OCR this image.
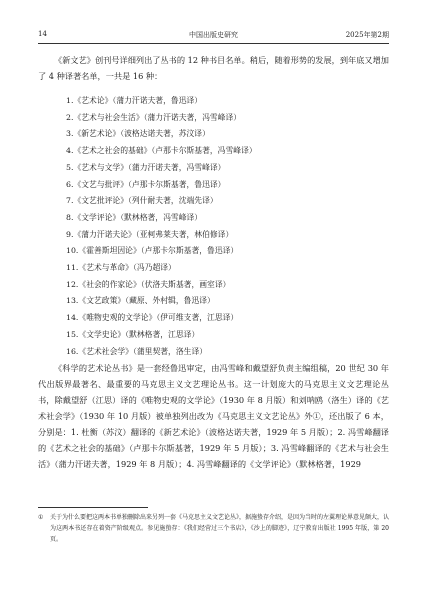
14	中国出版史研究	2025年第2期

《新文艺》创刊号详细列出了丛书的 12 种书目名单。稍后，随着形势的发展，到年底又增加了 4 种译著名单，一共是 16 种：

1.《艺术论》（蒲力汗诺夫著，鲁迅译）
2.《艺术与社会生活》（蒲力汗诺夫著，冯雪峰译）
3.《新艺术论》（波格达诺夫著，苏汶译）
4.《艺术之社会的基础》（卢那卡尔斯基著，冯雪峰译）
5.《艺术与文学》（蒲力汗诺夫著，冯雪峰译）
6.《文艺与批评》（卢那卡尔斯基著，鲁迅译）
7.《文艺批评论》（列什耐夫著，沈端先译）
8.《文学评论》（默林格著，冯雪峰译）
9.《蒲力汗诺夫论》（亚柯弗莱夫著，林伯修译）
10.《霍善斯坦因论》（卢那卡尔斯基著，鲁迅译）
11.《艺术与革命》（冯乃超译）
12.《社会的作家论》（伏洛夫斯基著，画室译）
13.《文艺政策》（藏原、外村辑，鲁迅译）
14.《唯物史观的文学论》（伊可维支著，江思译）
15.《文学史论》（默林格著，江思译）
16.《艺术社会学》（蒲里契著，洛生译）

《科学的艺术论丛书》是一套经鲁迅审定，由冯雪峰和戴望舒负责主编组稿，20 世纪 30 年代出版界最著名、最重要的马克思主义文艺理论丛书。这一计划庞大的马克思主义文艺理论丛书，除戴望舒（江思）译的《唯物史观的文学论》（1930 年 8 月版）和刘呐鸥（洛生）译的《艺术社会学》（1930 年 10 月版）被单独列出改为《马克思主义文艺论丛》外①，还出版了 6 本，分别是：1. 杜衡（苏汶）翻译的《新艺术论》（波格达诺夫著，1929 年 5 月版）；2. 冯雪峰翻译的《艺术之社会的基础》（卢那卡尔斯基著，1929 年 5 月版）；3. 冯雪峰翻译的《艺术与社会生活》（蒲力汗诺夫著，1929 年 8 月版）；4. 冯雪峰翻译的《文学评论》（默林格著，1929

① 关于为什么要把这两本书单独删除出来另列一套《马克思主义文艺论丛》，据施蛰存介绍，是因为当时的左翼理论界意见颇大，认为这两本书还存在着资产阶级观点。参见施蛰存：《我们经营过三个书店》，《沙上的脚迹》，辽宁教育出版社 1995 年版，第 20 页。
